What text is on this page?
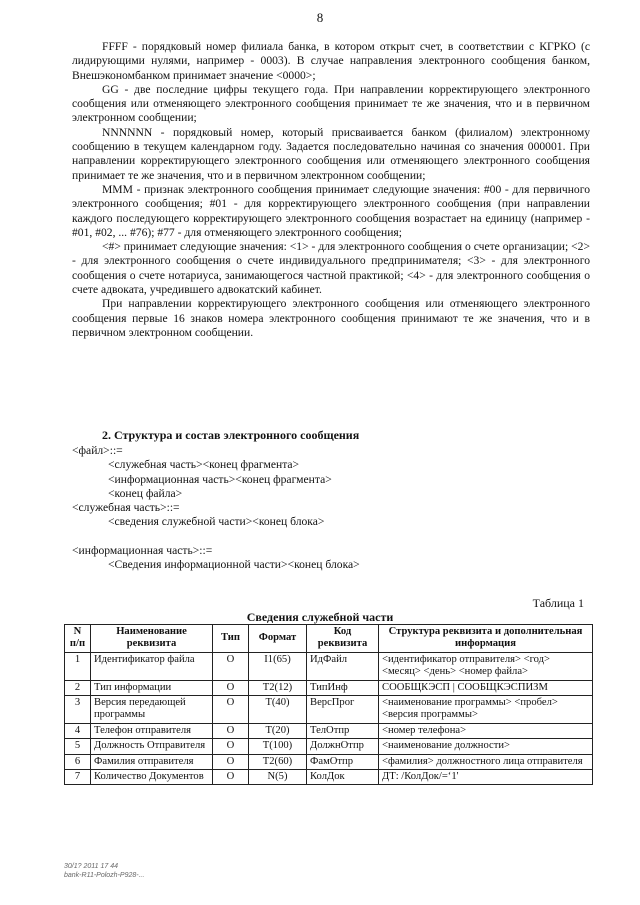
8

FFFF - порядковый номер филиала банка, в котором открыт счет, в соответствии с КГРКО (с лидирующими нулями, например - 0003). В случае направления электронного сообщения банком, Внешэкономбанком принимает значение <0000>;

GG - две последние цифры текущего года. При направлении корректирующего электронного сообщения или отменяющего электронного сообщения принимает те же значения, что и в первичном электронном сообщении;

NNNNNN - порядковый номер, который присваивается банком (филиалом) электронному сообщению в текущем календарном году. Задается последовательно начиная со значения 000001. При направлении корректирующего электронного сообщения или отменяющего электронного сообщения принимает те же значения, что и в первичном электронном сообщении;

МММ - признак электронного сообщения принимает следующие значения: #00 - для первичного электронного сообщения; #01 - для корректирующего электронного сообщения (при направлении каждого последующего корректирующего электронного сообщения возрастает на единицу (например - #01, #02, ... #76); #77 - для отменяющего электронного сообщения;

<#> принимает следующие значения: <1> - для электронного сообщения о счете организации; <2> - для электронного сообщения о счете индивидуального предпринимателя; <3> - для электронного сообщения о счете нотариуса, занимающегося частной практикой; <4> - для электронного сообщения о счете адвоката, учредившего адвокатский кабинет.

При направлении корректирующего электронного сообщения или отменяющего электронного сообщения первые 16 знаков номера электронного сообщения принимают те же значения, что и в первичном электронном сообщении.

2. Структура и состав электронного сообщения
<файл>::=
<служебная часть><конец фрагмента>
<информационная часть><конец фрагмента>
<конец файла>
<служебная часть>::=
<сведения служебной части><конец блока>
<информационная часть>::=
<Сведения информационной части><конец блока>
Таблица 1
Сведения служебной части
N п/п	Наименование реквизита	Тип	Формат	Код реквизита	Структура реквизита и дополнительная информация
1	Идентификатор файла	О	I1(65)	ИдФайл	<идентификатор отправителя> <год> <месяц> <день> <номер файла>
2	Тип информации	О	Т2(12)	ТипИнф	СООБЩКЭСП | СООБЩКЭСПИЗМ
3	Версия передающей программы	О	Т(40)	ВерсПрог	<наименование программы> <пробел> <версия программы>
4	Телефон отправителя	О	Т(20)	ТелОтпр	<номер телефона>
5	Должность Отправителя	О	Т(100)	ДолжнОтпр	<наименование должности>
6	Фамилия отправителя	О	Т2(60)	ФамОтпр	<фамилия> должностного лица отправителя
7	Количество Документов	О	N(5)	КолДок	ДТ: /КолДок/=‘1'
30/1? 2011 17 44
bank-R11-Polozh-P928-...
